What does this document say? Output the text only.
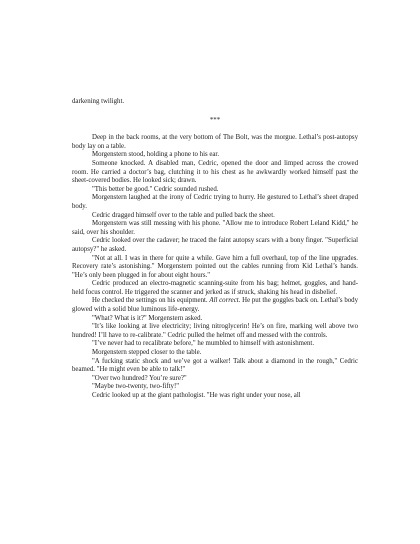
darkening twilight.

***

Deep in the back rooms, at the very bottom of The Bolt, was the morgue. Lethal’s post-autopsy body lay on a table.

Morgenstern stood, holding a phone to his ear.

Someone knocked. A disabled man, Cedric, opened the door and limped across the crowed room. He carried a doctor’s bag, clutching it to his chest as he awkwardly worked himself past the sheet-covered bodies. He looked sick; drawn.

"This better be good." Cedric sounded rushed.

Morgenstern laughed at the irony of Cedric trying to hurry. He gestured to Lethal’s sheet draped body.

Cedric dragged himself over to the table and pulled back the sheet.

Morgenstern was still messing with his phone. "Allow me to introduce Robert Leland Kidd," he said, over his shoulder.

Cedric looked over the cadaver; he traced the faint autopsy scars with a bony finger. "Superficial autopsy?" he asked.

"Not at all. I was in there for quite a while. Gave him a full overhaul, top of the line upgrades. Recovery rate’s astonishing." Morgenstern pointed out the cables running from Kid Lethal’s hands. "He’s only been plugged in for about eight hours."

Cedric produced an electro-magnetic scanning-suite from his bag; helmet, goggles, and hand-held focus control. He triggered the scanner and jerked as if struck, shaking his head in disbelief.

He checked the settings on his equipment. All correct. He put the goggles back on. Lethal’s body glowed with a solid blue luminous life-energy.

"What? What is it?" Morgenstern asked.

"It’s like looking at live electricity; living nitroglycerin! He’s on fire, marking well above two hundred! I’ll have to re-calibrate." Cedric pulled the helmet off and messed with the controls.

"I’ve never had to recalibrate before," he mumbled to himself with astonishment.

Morgenstern stepped closer to the table.

"A fucking static shock and we’ve got a walker! Talk about a diamond in the rough," Cedric beamed. "He might even be able to talk!"

"Over two hundred? You’re sure?"

"Maybe two-twenty, two-fifty!"

Cedric looked up at the giant pathologist. "He was right under your nose, all
